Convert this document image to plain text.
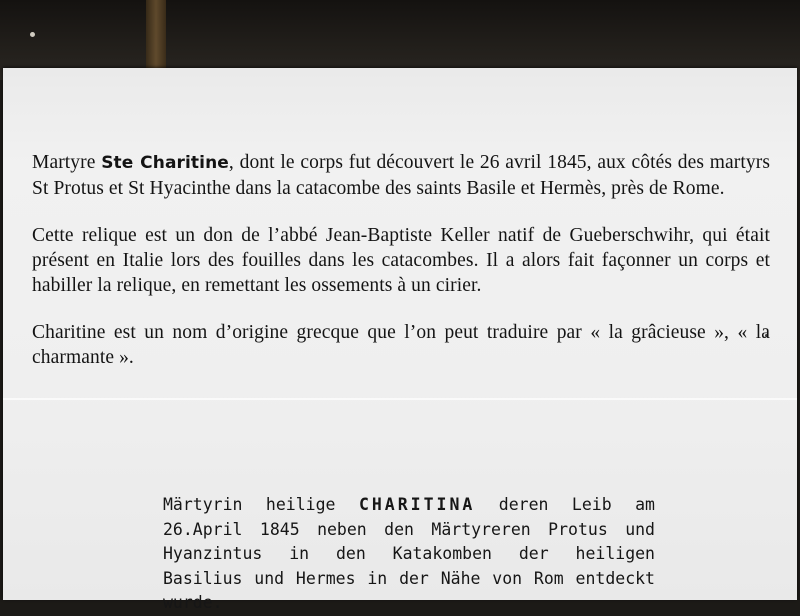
Martyre Ste Charitine, dont le corps fut découvert le 26 avril 1845, aux côtés des martyrs St Protus et St Hyacinthe dans la catacombe des saints Basile et Hermès, près de Rome.

Cette relique est un don de l’abbé Jean-Baptiste Keller natif de Gueberschwihr, qui était présent en Italie lors des fouilles dans les catacombes. Il a alors fait façonner un corps et habiller la relique, en remettant les ossements à un cirier.

Charitine est un nom d’origine grecque que l’on peut traduire par « la grâcieuse », « la charmante ».

Märtyrin heilige CHARITINA deren Leib am 26.April 1845 neben den Märtyreren Protus und Hyanzintus in den Katakomben der heiligen Basilius und Hermes in der Nähe von Rom entdeckt wurde.
